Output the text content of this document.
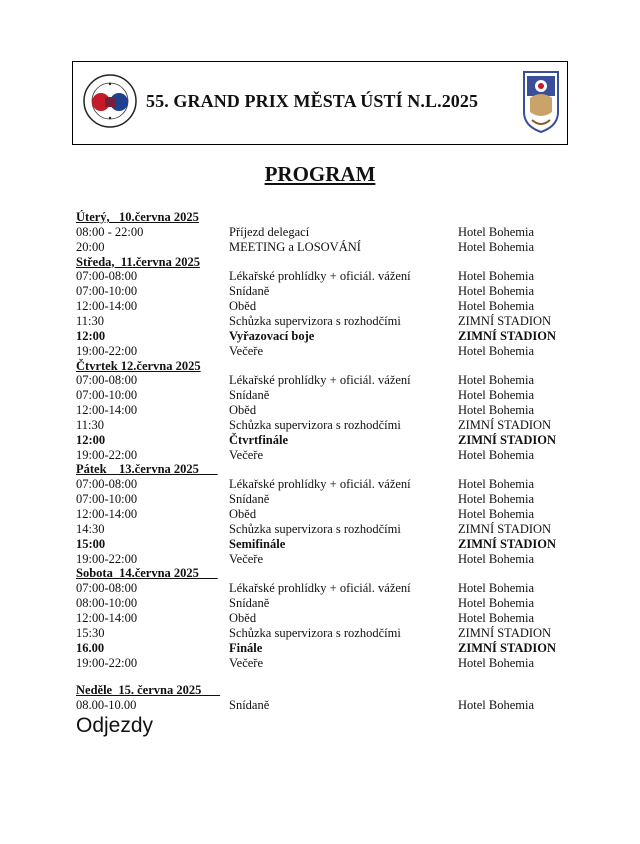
55. GRAND PRIX MĚSTA ÚSTÍ N.L.2025
PROGRAM
Úterý,   10.června 2025
08:00 - 22:00	Příjezd delegací	Hotel Bohemia
20:00	MEETING a LOSOVÁNÍ	Hotel Bohemia
Středa,  11.června 2025
07:00-08:00	Lékařské prohlídky + oficiál. vážení	Hotel Bohemia
07:00-10:00	Snídaně	Hotel Bohemia
12:00-14:00	Oběd	Hotel Bohemia
11:30	Schůzka supervizora s rozhodčími	ZIMNÍ STADION
12:00	Vyřazovací boje	ZIMNÍ STADION
19:00-22:00	Večeře	Hotel Bohemia
Čtvrtek 12.června 2025
07:00-08:00	Lékařské prohlídky + oficiál. vážení	Hotel Bohemia
07:00-10:00	Snídaně	Hotel Bohemia
12:00-14:00	Oběd	Hotel Bohemia
11:30	Schůzka supervizora s rozhodčími	ZIMNÍ STADION
12:00	Čtvrtfinále	ZIMNÍ STADION
19:00-22:00	Večeře	Hotel Bohemia
Pátek    13.června 2025
07:00-08:00	Lékařské prohlídky + oficiál. vážení	Hotel Bohemia
07:00-10:00	Snídaně	Hotel Bohemia
12:00-14:00	Oběd	Hotel Bohemia
14:30	Schůzka supervizora s rozhodčími	ZIMNÍ STADION
15:00	Semifinále	ZIMNÍ STADION
19:00-22:00	Večeře	Hotel Bohemia
Sobota  14.června 2025
07:00-08:00	Lékařské prohlídky + oficiál. vážení	Hotel Bohemia
08:00-10:00	Snídaně	Hotel Bohemia
12:00-14:00	Oběd	Hotel Bohemia
15:30	Schůzka supervizora s rozhodčími	ZIMNÍ STADION
16.00	Finále	ZIMNÍ STADION
19:00-22:00	Večeře	Hotel Bohemia
Neděle  15. června 2025
08.00-10.00	Snídaně	Hotel Bohemia
Odjezdy
